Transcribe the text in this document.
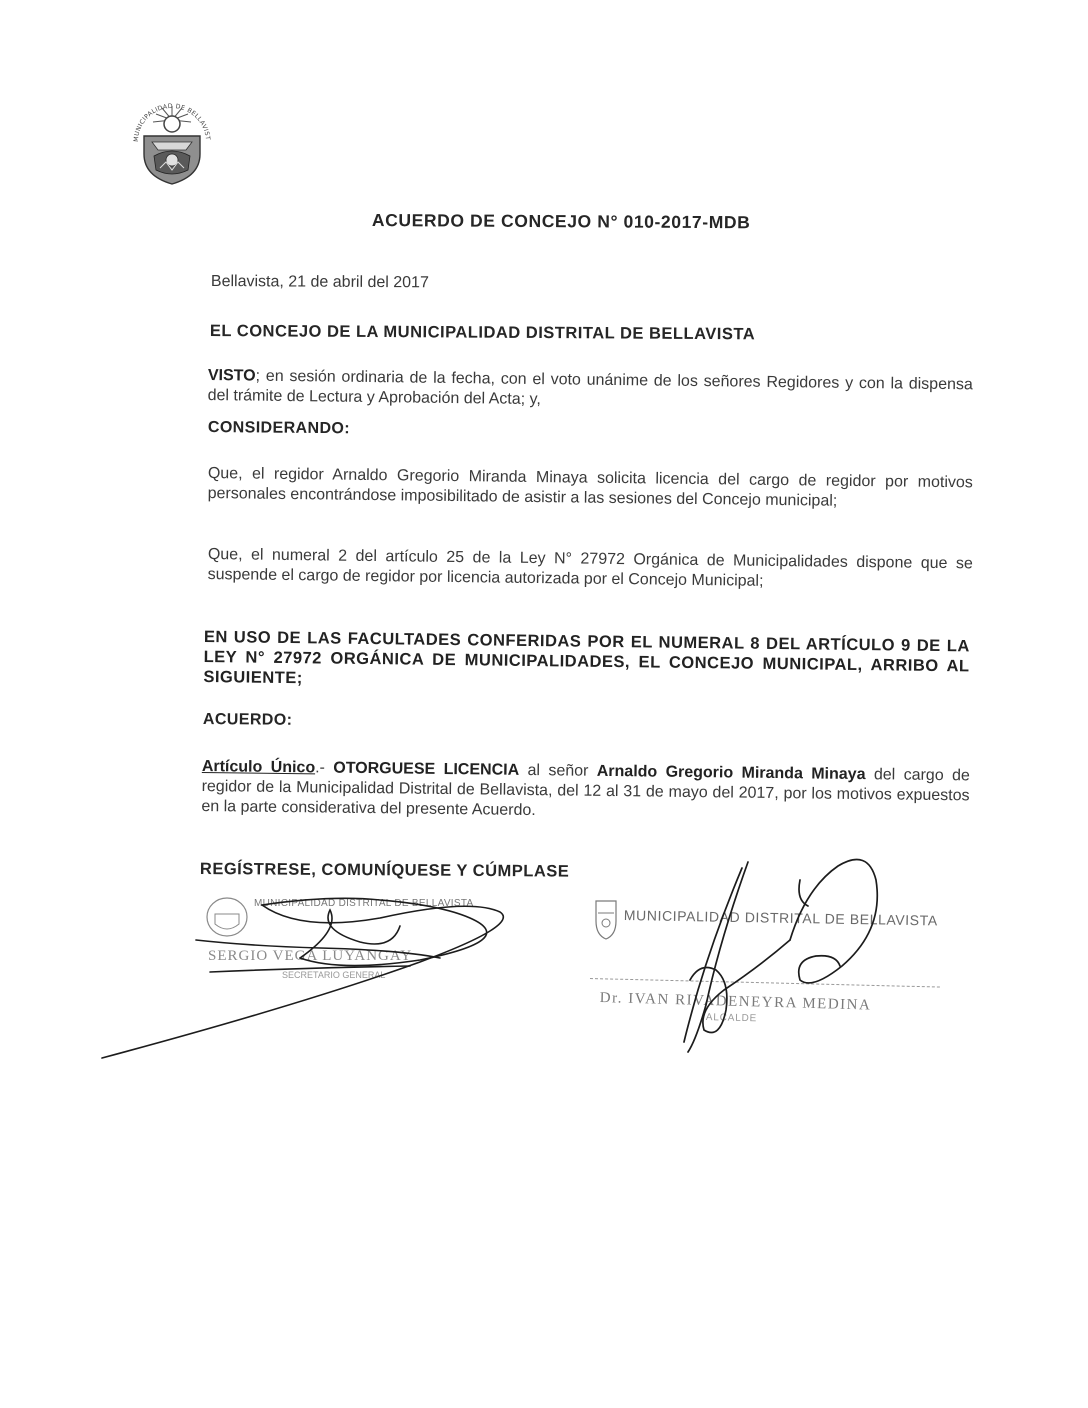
MUNICIPALIDAD DE BELLAVIST
ACUERDO DE CONCEJO N° 010-2017-MDB
Bellavista, 21 de abril del 2017
EL CONCEJO DE LA MUNICIPALIDAD DISTRITAL DE BELLAVISTA
VISTO; en sesión ordinaria de la fecha, con el voto unánime de los señores Regidores y con la dispensa del trámite de Lectura y Aprobación del Acta; y,
CONSIDERANDO:
Que, el regidor Arnaldo Gregorio Miranda Minaya solicita licencia del cargo de regidor por motivos personales encontrándose imposibilitado de asistir a las sesiones del Concejo municipal;
Que, el numeral 2 del artículo 25 de la Ley N° 27972 Orgánica de Municipalidades dispone que se suspende el cargo de regidor por licencia autorizada por el Concejo Municipal;
EN USO DE LAS FACULTADES CONFERIDAS POR EL NUMERAL 8 DEL ARTÍCULO 9 DE LA LEY N° 27972 ORGÁNICA DE MUNICIPALIDADES, EL CONCEJO MUNICIPAL, ARRIBO AL SIGUIENTE;
ACUERDO:
Artículo Único.- OTORGUESE LICENCIA al señor Arnaldo Gregorio Miranda Minaya del cargo de regidor de la Municipalidad Distrital de Bellavista, del 12 al 31 de mayo del 2017, por los motivos expuestos en la parte considerativa del presente Acuerdo.
REGÍSTRESE, COMUNÍQUESE Y CÚMPLASE
MUNICIPALIDAD DISTRITAL DE BELLAVISTA
SERGIO VEGA LUYANGAY
SECRETARIO GENERAL
MUNICIPALIDAD DISTRITAL DE BELLAVISTA
Dr. IVAN RIVADENEYRA MEDINA
ALCALDE
